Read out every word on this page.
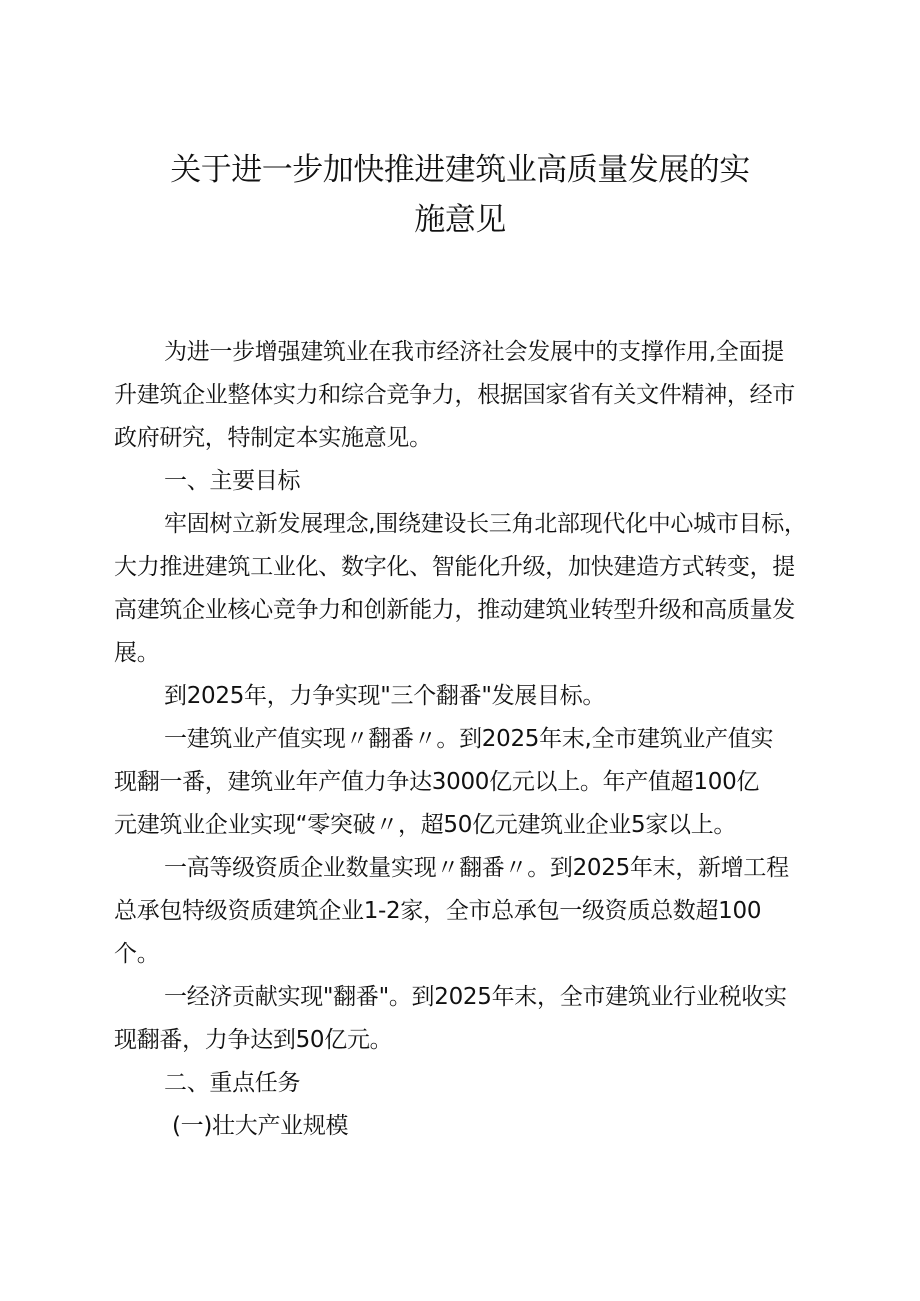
关于进一步加快推进建筑业高质量发展的实
施意见

为进一步增强建筑业在我市经济社会发展中的支撑作用,全面提

升建筑企业整体实力和综合竞争力，根据国家省有关文件精神，经市

政府研究，特制定本实施意见。

一、主要目标

牢固树立新发展理念,围绕建设长三角北部现代化中心城市目标，

大力推进建筑工业化、数字化、智能化升级，加快建造方式转变，提

高建筑企业核心竞争力和创新能力，推动建筑业转型升级和高质量发

展。

到2025年，力争实现"三个翻番"发展目标。

一建筑业产值实现〃翻番〃。到2025年末,全市建筑业产值实

现翻一番，建筑业年产值力争达3000亿元以上。年产值超100亿

元建筑业企业实现“零突破〃，超50亿元建筑业企业5家以上。

一高等级资质企业数量实现〃翻番〃。到2025年末，新增工程

总承包特级资质建筑企业1-2家，全市总承包一级资质总数超100

个。

一经济贡献实现"翻番"。到2025年末，全市建筑业行业税收实

现翻番，力争达到50亿元。

二、重点任务

(一)壮大产业规模
